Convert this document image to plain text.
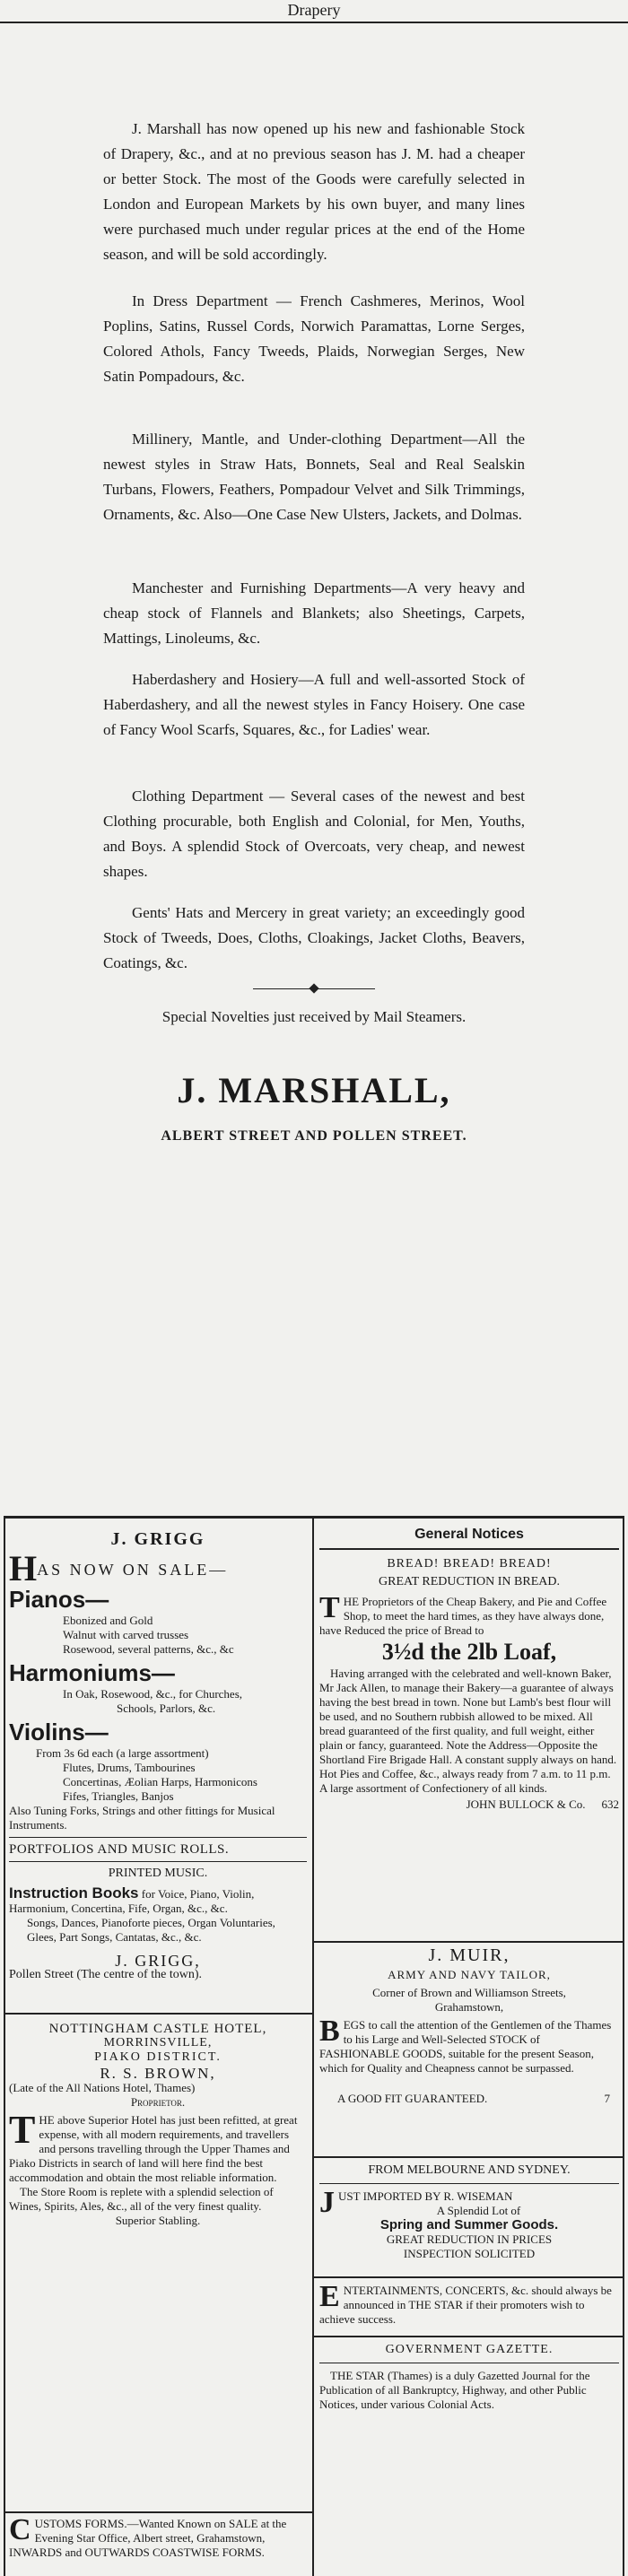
Drapery
J. Marshall has now opened up his new and fashionable Stock of Drapery, &c., and at no previous season has J. M. had a cheaper or better Stock. The most of the Goods were carefully selected in London and European Markets by his own buyer, and many lines were purchased much under regular prices at the end of the Home season, and will be sold accordingly.
In Dress Department — French Cashmeres, Merinos, Wool Poplins, Satins, Russel Cords, Norwich Paramattas, Lorne Serges, Colored Athols, Fancy Tweeds, Plaids, Norwegian Serges, New Satin Pompadours, &c.
Millinery, Mantle, and Under-clothing Department—All the newest styles in Straw Hats, Bonnets, Seal and Real Sealskin Turbans, Flowers, Feathers, Pompadour Velvet and Silk Trimmings, Ornaments, &c. Also—One Case New Ulsters, Jackets, and Dolmas.
Manchester and Furnishing Departments—A very heavy and cheap stock of Flannels and Blankets; also Sheetings, Carpets, Mattings, Linoleums, &c.
Haberdashery and Hosiery—A full and well-assorted Stock of Haberdashery, and all the newest styles in Fancy Hoisery. One case of Fancy Wool Scarfs, Squares, &c., for Ladies' wear.
Clothing Department — Several cases of the newest and best Clothing procurable, both English and Colonial, for Men, Youths, and Boys. A splendid Stock of Overcoats, very cheap, and newest shapes.
Gents' Hats and Mercery in great variety; an exceedingly good Stock of Tweeds, Does, Cloths, Cloakings, Jacket Cloths, Beavers, Coatings, &c.
Special Novelties just received by Mail Steamers.
J. MARSHALL,
ALBERT STREET AND POLLEN STREET.
J. GRIGG
HAS NOW ON SALE—
Pianos—
Ebonized and Gold
Walnut with carved trusses
Rosewood, several patterns, &c., &c
Harmoniums—
In Oak, Rosewood, &c., for Churches,
Schools, Parlors, &c.
Violins—
From 3s 6d each (a large assortment)
Flutes, Drums, Tambourines
Concertinas, Æolian Harps, Harmonicons
Fifes, Triangles, Banjos
Also Tuning Forks, Strings and other fittings for Musical Instruments.
PORTFOLIOS AND MUSIC ROLLS.
PRINTED MUSIC.
Instruction Books for Voice, Piano, Violin, Harmonium, Concertina, Fife, Organ, &c., &c.
Songs, Dances, Pianoforte pieces, Organ Voluntaries, Glees, Part Songs, Cantatas, &c., &c.
J. GRIGG,
Pollen Street (The centre of the town).
NOTTINGHAM CASTLE HOTEL,
MORRINSVILLE,
PIAKO DISTRICT.
R. S. BROWN,
(Late of the All Nations Hotel, Thames)
Proprietor.
THE above Superior Hotel has just been refitted, at great expense, with all modern requirements, and travellers and persons travelling through the Upper Thames and Piako Districts in search of land will here find the best accommodation and obtain the most reliable information.
The Store Room is replete with a splendid selection of Wines, Spirits, Ales, &c., all of the very finest quality.
Superior Stabling.
CUSTOMS FORMS.—Wanted Known on SALE at the Evening Star Office, Albert street, Grahamstown, INWARDS and OUTWARDS COASTWISE FORMS.
General Notices
BREAD! BREAD! BREAD!
GREAT REDUCTION IN BREAD.
THE Proprietors of the Cheap Bakery, and Pie and Coffee Shop, to meet the hard times, as they have always done, have Reduced the price of Bread to
3½d the 2lb Loaf,
Having arranged with the celebrated and well-known Baker, Mr Jack Allen, to manage their Bakery—a guarantee of always having the best bread in town. None but Lamb's best flour will be used, and no Southern rubbish allowed to be mixed. All bread guaranteed of the first quality, and full weight, either plain or fancy, guaranteed. Note the Address—Opposite the Shortland Fire Brigade Hall. A constant supply always on hand. Hot Pies and Coffee, &c., always ready from 7 a.m. to 11 p.m. A large assortment of Confectionery of all kinds.
JOHN BULLOCK & Co. 632
J. MUIR,
ARMY AND NAVY TAILOR,
Corner of Brown and Williamson Streets,
Grahamstown,
BEGS to call the attention of the Gentlemen of the Thames to his Large and Well-Selected STOCK of FASHIONABLE GOODS, suitable for the present Season, which for Quality and Cheapness cannot be surpassed.
A GOOD FIT GUARANTEED.	7
FROM MELBOURNE AND SYDNEY.
JUST IMPORTED BY R. WISEMAN
A Splendid Lot of
Spring and Summer Goods.
GREAT REDUCTION IN PRICES
INSPECTION SOLICITED
ENTERTAINMENTS, CONCERTS, &c. should always be announced in THE STAR if their promoters wish to achieve success.
GOVERNMENT GAZETTE.
THE STAR (Thames) is a duly Gazetted Journal for the Publication of all Bankruptcy, Highway, and other Public Notices, under various Colonial Acts.
